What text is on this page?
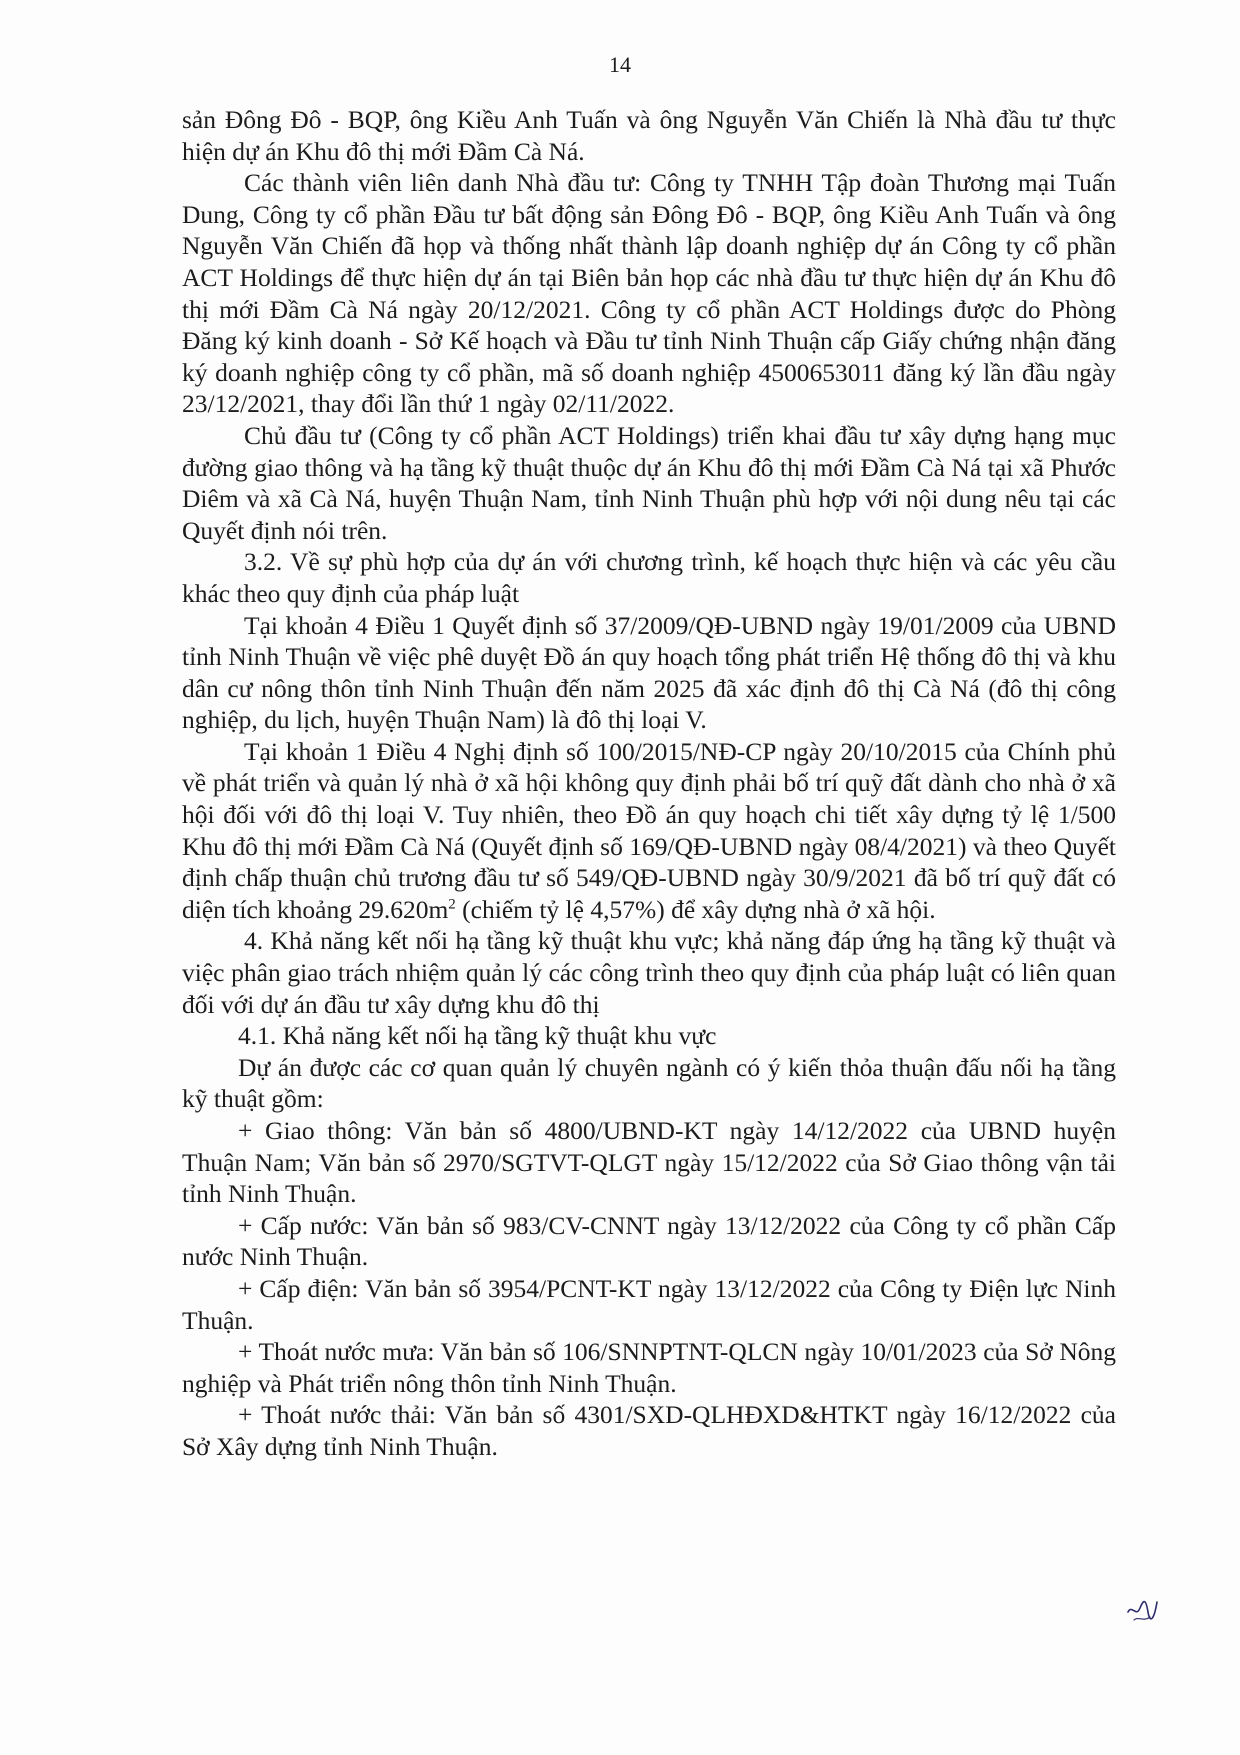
14

sản Đông Đô - BQP, ông Kiều Anh Tuấn và ông Nguyễn Văn Chiến là Nhà đầu tư thực hiện dự án Khu đô thị mới Đầm Cà Ná.

Các thành viên liên danh Nhà đầu tư: Công ty TNHH Tập đoàn Thương mại Tuấn Dung, Công ty cổ phần Đầu tư bất động sản Đông Đô - BQP, ông Kiều Anh Tuấn và ông Nguyễn Văn Chiến đã họp và thống nhất thành lập doanh nghiệp dự án Công ty cổ phần ACT Holdings để thực hiện dự án tại Biên bản họp các nhà đầu tư thực hiện dự án Khu đô thị mới Đầm Cà Ná ngày 20/12/2021. Công ty cổ phần ACT Holdings được do Phòng Đăng ký kinh doanh - Sở Kế hoạch và Đầu tư tỉnh Ninh Thuận cấp Giấy chứng nhận đăng ký doanh nghiệp công ty cổ phần, mã số doanh nghiệp 4500653011 đăng ký lần đầu ngày 23/12/2021, thay đổi lần thứ 1 ngày 02/11/2022.

Chủ đầu tư (Công ty cổ phần ACT Holdings) triển khai đầu tư xây dựng hạng mục đường giao thông và hạ tầng kỹ thuật thuộc dự án Khu đô thị mới Đầm Cà Ná tại xã Phước Diêm và xã Cà Ná, huyện Thuận Nam, tỉnh Ninh Thuận phù hợp với nội dung nêu tại các Quyết định nói trên.

3.2. Về sự phù hợp của dự án với chương trình, kế hoạch thực hiện và các yêu cầu khác theo quy định của pháp luật

Tại khoản 4 Điều 1 Quyết định số 37/2009/QĐ-UBND ngày 19/01/2009 của UBND tỉnh Ninh Thuận về việc phê duyệt Đồ án quy hoạch tổng phát triển Hệ thống đô thị và khu dân cư nông thôn tỉnh Ninh Thuận đến năm 2025 đã xác định đô thị Cà Ná (đô thị công nghiệp, du lịch, huyện Thuận Nam) là đô thị loại V.

Tại khoản 1 Điều 4 Nghị định số 100/2015/NĐ-CP ngày 20/10/2015 của Chính phủ về phát triển và quản lý nhà ở xã hội không quy định phải bố trí quỹ đất dành cho nhà ở xã hội đối với đô thị loại V. Tuy nhiên, theo Đồ án quy hoạch chi tiết xây dựng tỷ lệ 1/500 Khu đô thị mới Đầm Cà Ná (Quyết định số 169/QĐ-UBND ngày 08/4/2021) và theo Quyết định chấp thuận chủ trương đầu tư số 549/QĐ-UBND ngày 30/9/2021 đã bố trí quỹ đất có diện tích khoảng $29.620m^2$ (chiếm tỷ lệ 4,57%) để xây dựng nhà ở xã hội.

4. Khả năng kết nối hạ tầng kỹ thuật khu vực; khả năng đáp ứng hạ tầng kỹ thuật và việc phân giao trách nhiệm quản lý các công trình theo quy định của pháp luật có liên quan đối với dự án đầu tư xây dựng khu đô thị

4.1. Khả năng kết nối hạ tầng kỹ thuật khu vực

Dự án được các cơ quan quản lý chuyên ngành có ý kiến thỏa thuận đấu nối hạ tầng kỹ thuật gồm:

+ Giao thông: Văn bản số 4800/UBND-KT ngày 14/12/2022 của UBND huyện Thuận Nam; Văn bản số 2970/SGTVT-QLGT ngày 15/12/2022 của Sở Giao thông vận tải tỉnh Ninh Thuận.

+ Cấp nước: Văn bản số 983/CV-CNNT ngày 13/12/2022 của Công ty cổ phần Cấp nước Ninh Thuận.

+ Cấp điện: Văn bản số 3954/PCNT-KT ngày 13/12/2022 của Công ty Điện lực Ninh Thuận.

+ Thoát nước mưa: Văn bản số 106/SNNPTNT-QLCN ngày 10/01/2023 của Sở Nông nghiệp và Phát triển nông thôn tỉnh Ninh Thuận.

+ Thoát nước thải: Văn bản số 4301/SXD-QLHĐXD&HTKT ngày 16/12/2022 của Sở Xây dựng tỉnh Ninh Thuận.
